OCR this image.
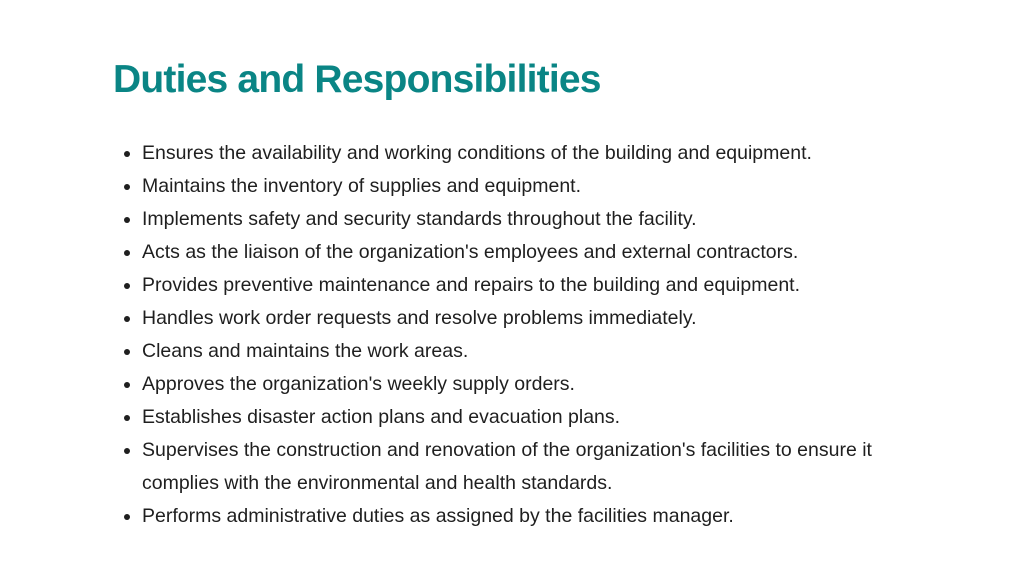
Duties and Responsibilities
Ensures the availability and working conditions of the building and equipment.
Maintains the inventory of supplies and equipment.
Implements safety and security standards throughout the facility.
Acts as the liaison of the organization's employees and external contractors.
Provides preventive maintenance and repairs to the building and equipment.
Handles work order requests and resolve problems immediately.
Cleans and maintains the work areas.
Approves the organization's weekly supply orders.
Establishes disaster action plans and evacuation plans.
Supervises the construction and renovation of the organization's facilities to ensure it complies with the environmental and health standards.
Performs administrative duties as assigned by the facilities manager.
